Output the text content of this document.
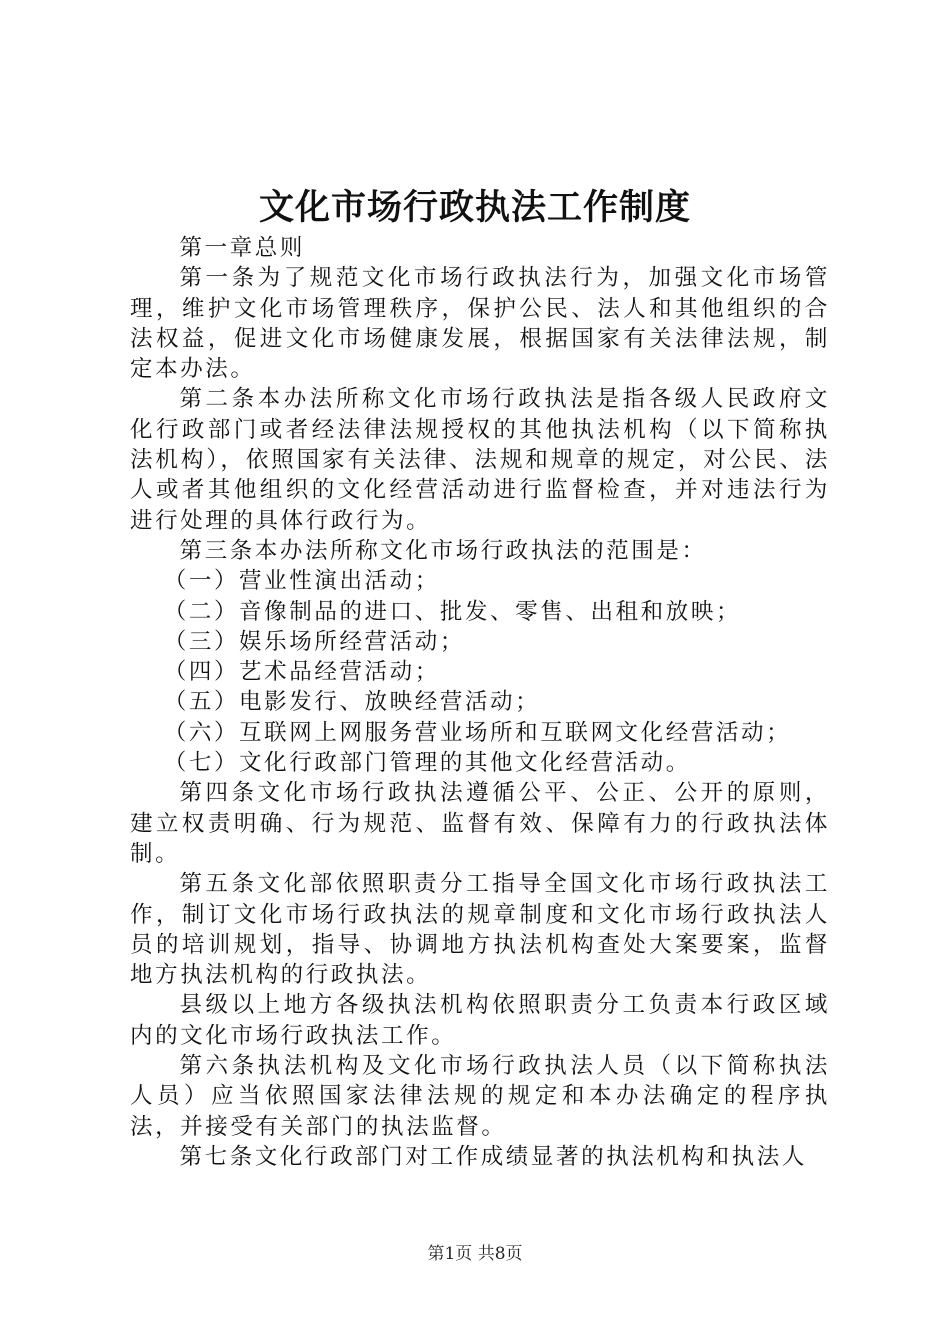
文化市场行政执法工作制度

第一章总则

第一条为了规范文化市场行政执法行为，加强文化市场管理，维护文化市场管理秩序，保护公民、法人和其他组织的合法权益，促进文化市场健康发展，根据国家有关法律法规，制定本办法。

第二条本办法所称文化市场行政执法是指各级人民政府文化行政部门或者经法律法规授权的其他执法机构（以下简称执法机构），依照国家有关法律、法规和规章的规定，对公民、法人或者其他组织的文化经营活动进行监督检查，并对违法行为进行处理的具体行政行为。

第三条本办法所称文化市场行政执法的范围是：

（一）营业性演出活动；

（二）音像制品的进口、批发、零售、出租和放映；

（三）娱乐场所经营活动；

（四）艺术品经营活动；

（五）电影发行、放映经营活动；

（六）互联网上网服务营业场所和互联网文化经营活动；

（七）文化行政部门管理的其他文化经营活动。

第四条文化市场行政执法遵循公平、公正、公开的原则，建立权责明确、行为规范、监督有效、保障有力的行政执法体制。

第五条文化部依照职责分工指导全国文化市场行政执法工作，制订文化市场行政执法的规章制度和文化市场行政执法人员的培训规划，指导、协调地方执法机构查处大案要案，监督地方执法机构的行政执法。

县级以上地方各级执法机构依照职责分工负责本行政区域内的文化市场行政执法工作。

第六条执法机构及文化市场行政执法人员（以下简称执法人员）应当依照国家法律法规的规定和本办法确定的程序执法，并接受有关部门的执法监督。

第七条文化行政部门对工作成绩显著的执法机构和执法人

第1页 共8页
